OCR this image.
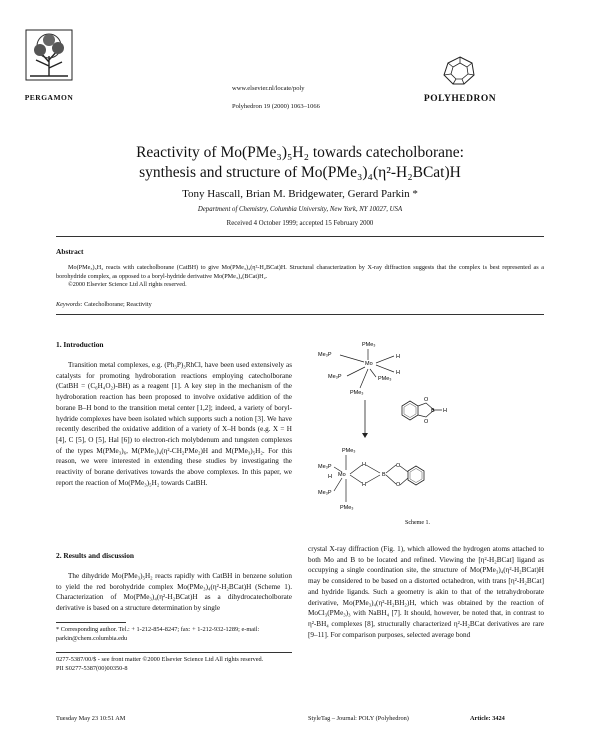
PERGAMON
www.elsevier.nl/locate/poly
Polyhedron 19 (2000) 1063–1066
POLYHEDRON
Reactivity of Mo(PMe₃)₅H₂ towards catecholborane:
synthesis and structure of Mo(PMe₃)₄(η²-H₂BCat)H
Tony Hascall, Brian M. Bridgewater, Gerard Parkin *
Department of Chemistry, Columbia University, New York, NY 10027, USA
Received 4 October 1999; accepted 15 February 2000
Abstract
Mo(PMe₃)₅H₂ reacts with catecholborane (CatBH) to give Mo(PMe₃)₄(η²-H₂BCat)H. Structural characterization by X-ray diffraction suggests that the complex is best represented as a borohydride complex, as opposed to a boryl-hydride derivative Mo(PMe₃)₄(BCat)H₂.
©2000 Elsevier Science Ltd All rights reserved.
Keywords: Catecholborane; Reactivity
1. Introduction
Transition metal complexes, e.g. (Ph₃P)₃RhCl, have been used extensively as catalysts for promoting hydroboration reactions employing catecholborane (CatBH = (C₆H₄O₂)-BH) as a reagent [1]. A key step in the mechanism of the hydroboration reaction has been proposed to involve oxidative addition of the borane B–H bond to the transition metal center [1,2]; indeed, a variety of boryl-hydride complexes have been isolated which supports such a notion [3]. We have recently described the oxidative addition of a variety of X–H bonds (e.g. X = H [4], C [5], O [5], Hal [6]) to electron-rich molybdenum and tungsten complexes of the types M(PMe₃)₆, M(PMe₃)₄(η²-CH₂PMe₂)H and M(PMe₃)₅H₂. For this reason, we were interested in extending these studies by investigating the reactivity of borane derivatives towards the above complexes. In this paper, we report the reaction of Mo(PMe₃)₅H₂ towards CatBH.
2. Results and discussion
The dihydride Mo(PMe₃)₅H₂ reacts rapidly with CatBH in benzene solution to yield the red borohydride complex Mo(PMe₃)₄(η²-H₂BCat)H (Scheme 1). Characterization of Mo(PMe₃)₄(η²-H₂BCat)H as a dihydrocatecholborate derivative is based on a structure determination by single
* Corresponding author. Tel.: + 1-212-854-8247; fax: + 1-212-932-1289; e-mail: parkin@chem.columbia.edu
0277-5387/00/$ - see front matter ©2000 Elsevier Science Ltd All rights reserved.
PII S0277-5387(00)00350-8
PMe₃
Me₃P
Mo
H
H
Me₃P	PMe₃
PMe₃
O
B H
O
PMe₃
Me₃P
Mo
H	B
Me₃P
PMe₃
H
H
O
O
Scheme 1.
crystal X-ray diffraction (Fig. 1), which allowed the hydrogen atoms attached to both Mo and B to be located and refined. Viewing the [η²-H₂BCat] ligand as occupying a single coordination site, the structure of Mo(PMe₃)₄(η²-H₂BCat)H may be considered to be based on a distorted octahedron, with trans [η²-H₂BCat] and hydride ligands. Such a geometry is akin to that of the tetrahydroborate derivative, Mo(PMe₃)₄(η²-H₂BH₂)H, which was obtained by the reaction of MoCl₃(PMe₃)₃ with NaBH₄ [7]. It should, however, be noted that, in contrast to η²-BH₄ complexes [8], structurally characterized η²-H₂BCat derivatives are rare [9–11]. For comparison purposes, selected average bond
Tuesday May 23 10:51 AM	StyleTag – Journal: POLY (Polyhedron)	Article: 3424
